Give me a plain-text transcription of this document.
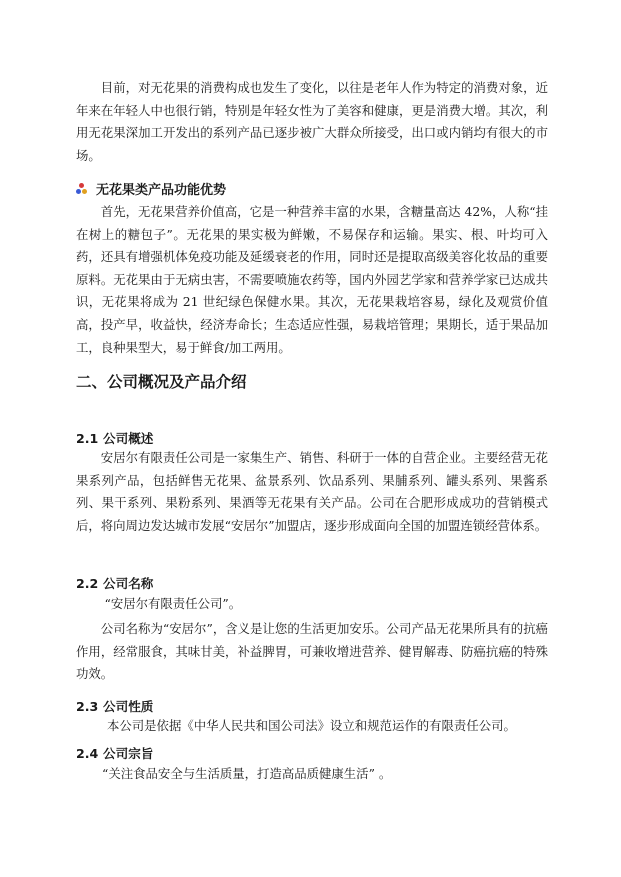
目前，对无花果的消费构成也发生了变化，以往是老年人作为特定的消费对象，近年来在年轻人中也很行销，特别是年轻女性为了美容和健康，更是消费大增。其次，利用无花果深加工开发出的系列产品已逐步被广大群众所接受，出口或内销均有很大的市场。

无花果类产品功能优势

首先，无花果营养价值高，它是一种营养丰富的水果，含糖量高达 42%，人称“挂在树上的糖包子”。无花果的果实极为鲜嫩，不易保存和运输。果实、根、叶均可入药，还具有增强机体免疫功能及延缓衰老的作用，同时还是提取高级美容化妆品的重要原料。无花果由于无病虫害，不需要喷施农药等，国内外园艺学家和营养学家已达成共识，无花果将成为 21 世纪绿色保健水果。其次，无花果栽培容易，绿化及观赏价值高，投产早，收益快，经济寿命长；生态适应性强，易栽培管理；果期长，适于果品加工，良种果型大，易于鲜食/加工两用。

二、公司概况及产品介绍
2.1 公司概述

安居尔有限责任公司是一家集生产、销售、科研于一体的自营企业。主要经营无花果系列产品，包括鲜售无花果、盆景系列、饮品系列、果脯系列、罐头系列、果酱系列、果干系列、果粉系列、果酒等无花果有关产品。公司在合肥形成成功的营销模式后，将向周边发达城市发展“安居尔”加盟店，逐步形成面向全国的加盟连锁经营体系。

2.2 公司名称

“安居尔有限责任公司”。

公司名称为“安居尔”，含义是让您的生活更加安乐。公司产品无花果所具有的抗癌作用，经常服食，其味甘美，补益脾胃，可兼收增进营养、健胃解毒、防癌抗癌的特殊功效。

2.3 公司性质

本公司是依据《中华人民共和国公司法》设立和规范运作的有限责任公司。

2.4 公司宗旨

“关注食品安全与生活质量，打造高品质健康生活” 。
